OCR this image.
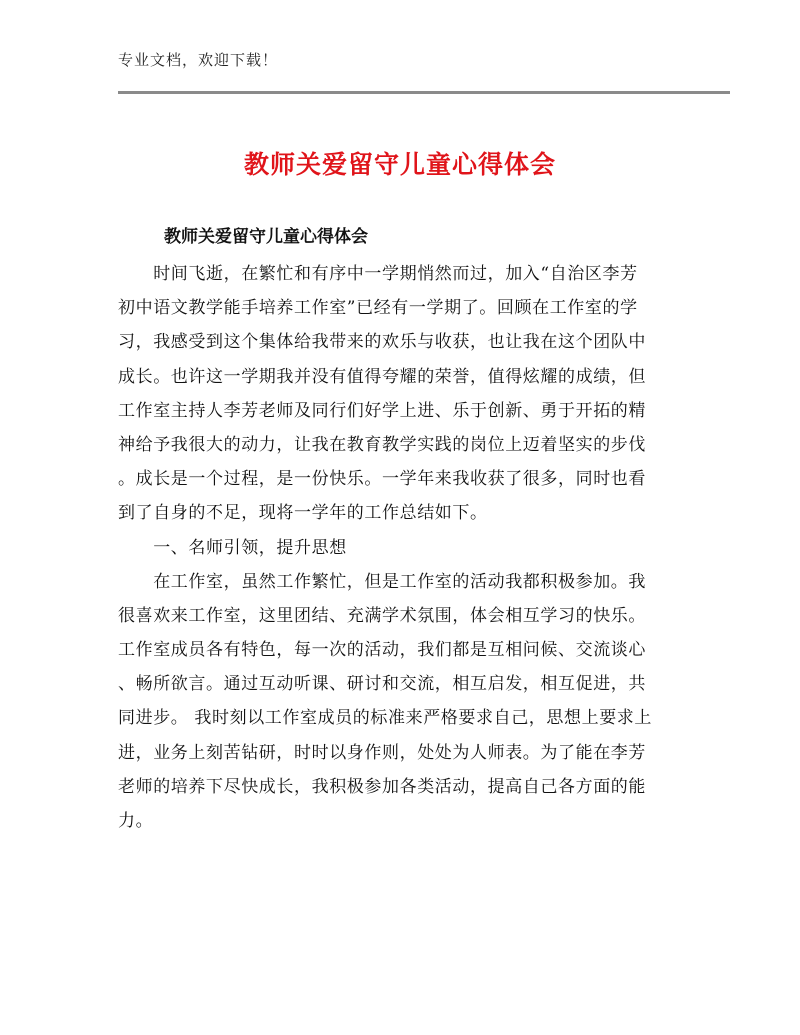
专业文档，欢迎下载！
教师关爱留守儿童心得体会
教师关爱留守儿童心得体会
　　时间飞逝，在繁忙和有序中一学期悄然而过，加入“自治区李芳
初中语文教学能手培养工作室”已经有一学期了。回顾在工作室的学
习，我感受到这个集体给我带来的欢乐与收获，也让我在这个团队中
成长。也许这一学期我并没有值得夸耀的荣誉，值得炫耀的成绩，但
工作室主持人李芳老师及同行们好学上进、乐于创新、勇于开拓的精
神给予我很大的动力，让我在教育教学实践的岗位上迈着坚实的步伐
。成长是一个过程，是一份快乐。一学年来我收获了很多，同时也看
到了自身的不足，现将一学年的工作总结如下。
　　一、名师引领，提升思想
　　在工作室，虽然工作繁忙，但是工作室的活动我都积极参加。我
很喜欢来工作室，这里团结、充满学术氛围，体会相互学习的快乐。
工作室成员各有特色，每一次的活动，我们都是互相问候、交流谈心
、畅所欲言。通过互动听课、研讨和交流，相互启发，相互促进，共
同进步。 我时刻以工作室成员的标准来严格要求自己，思想上要求上
进，业务上刻苦钻研，时时以身作则，处处为人师表。为了能在李芳
老师的培养下尽快成长，我积极参加各类活动，提高自己各方面的能
力。
